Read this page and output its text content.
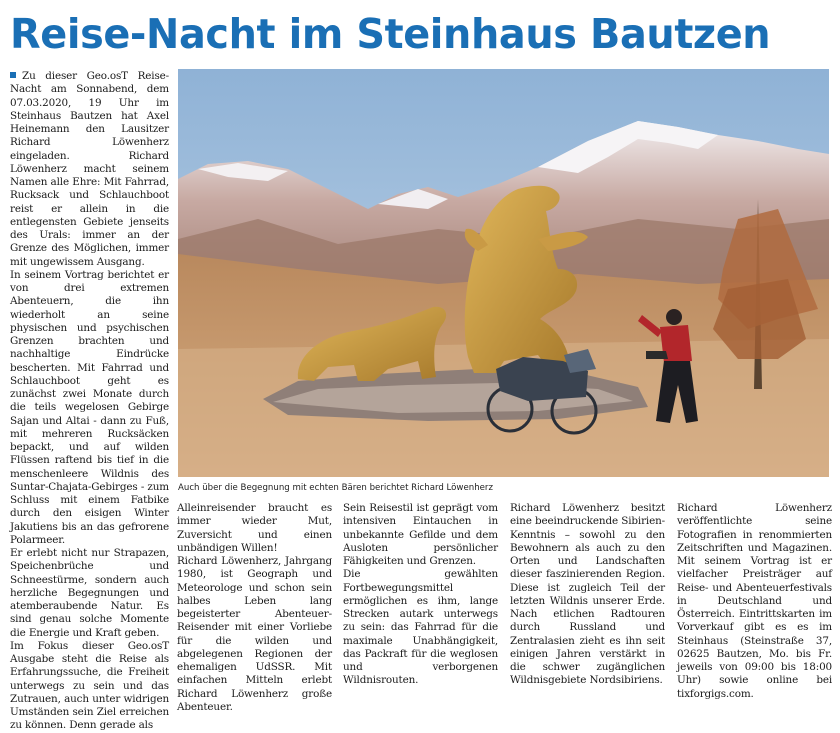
Reise-Nacht im Steinhaus Bautzen

Zu dieser Geo.osT Reise-Nacht am Sonnabend, dem 07.03.2020, 19 Uhr im Steinhaus Bautzen hat Axel Heinemann den Lausitzer Richard Löwenherz eingeladen. Richard Löwenherz macht seinem Namen alle Ehre: Mit Fahrrad, Rucksack und Schlauchboot reist er allein in die entlegensten Gebiete jenseits des Urals: immer an der Grenze des Möglichen, immer mit ungewissem Ausgang.

In seinem Vortrag berichtet er von drei extremen Abenteuern, die ihn wiederholt an seine physischen und psychischen Grenzen brachten und nachhaltige Eindrücke bescherten. Mit Fahrrad und Schlauchboot geht es zunächst zwei Monate durch die teils wegelosen Gebirge Sajan und Altai - dann zu Fuß, mit mehreren Rucksäcken bepackt, und auf wilden Flüssen raftend bis tief in die menschenleere Wildnis des Suntar-Chajata-Gebirges - zum Schluss mit einem Fatbike durch den eisigen Winter Jakutiens bis an das gefrorene Polarmeer.

Er erlebt nicht nur Strapazen, Speichenbrüche und Schneestürme, sondern auch herzliche Begegnungen und atemberaubende Natur. Es sind genau solche Momente die Energie und Kraft geben.

Im Fokus dieser Geo.osT Ausgabe steht die Reise als Erfahrungssuche, die Freiheit unterwegs zu sein und das Zutrauen, auch unter widrigen Umständen sein Ziel erreichen zu können. Denn gerade als

Auch über die Begegnung mit echten Bären berichtet Richard Löwenherz

Alleinreisender braucht es immer wieder Mut, Zuversicht und einen unbändigen Willen!

Richard Löwenherz, Jahrgang 1980, ist Geograph und Meteorologe und schon sein halbes Leben lang begeisterter Abenteuer-Reisender mit einer Vorliebe für die wilden und abgelegenen Regionen der ehemaligen UdSSR. Mit einfachen Mitteln erlebt Richard Löwenherz große Abenteuer.

Sein Reisestil ist geprägt vom intensiven Eintauchen in unbekannte Gefilde und dem Ausloten persönlicher Fähigkeiten und Grenzen.

Die gewählten Fortbewegungsmittel ermöglichen es ihm, lange Strecken autark unterwegs zu sein: das Fahrrad für die maximale Unabhängigkeit, das Packraft für die weglosen und verborgenen Wildnisrouten.

Richard Löwenherz besitzt eine beeindruckende Sibirien-Kenntnis – sowohl zu den Bewohnern als auch zu den Orten und Landschaften dieser faszinierenden Region. Diese ist zugleich Teil der letzten Wildnis unserer Erde. Nach etlichen Radtouren durch Russland und Zentralasien zieht es ihn seit einigen Jahren verstärkt in die schwer zugänglichen Wildnisgebiete Nordsibiriens.

Richard Löwenherz veröffentlichte seine Fotografien in renommierten Zeitschriften und Magazinen. Mit seinem Vortrag ist er vielfacher Preisträger auf Reise- und Abenteuerfestivals in Deutschland und Österreich. Eintrittskarten im Vorverkauf gibt es es im Steinhaus (Steinstraße 37, 02625 Bautzen, Mo. bis Fr. jeweils von 09:00 bis 18:00 Uhr) sowie online bei tixforgigs.com.
